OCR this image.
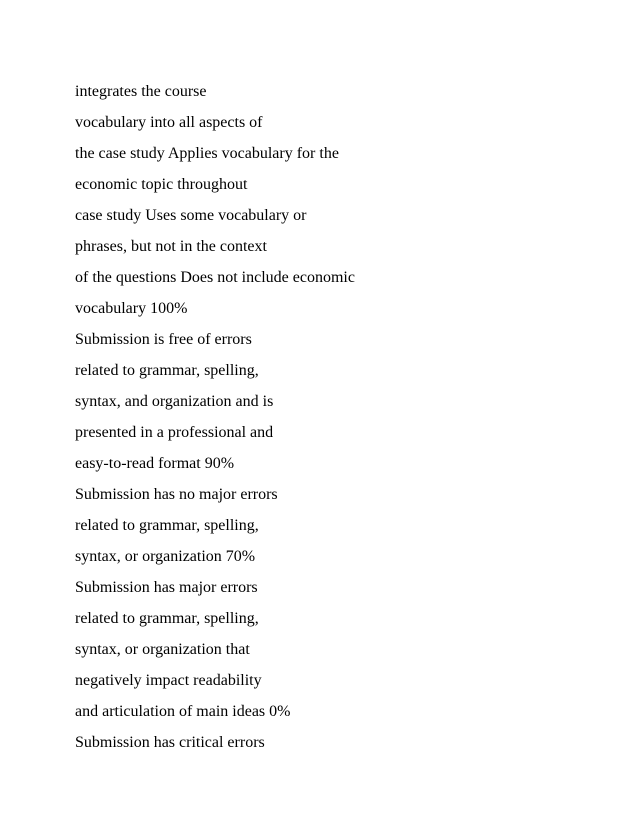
integrates the course
vocabulary into all aspects of
the case study Applies vocabulary for the
economic topic throughout
case study Uses some vocabulary or
phrases, but not in the context
of the questions Does not include economic
vocabulary 100%
Submission is free of errors
related to grammar, spelling,
syntax, and organization and is
presented in a professional and
easy-to-read format 90%
Submission has no major errors
related to grammar, spelling,
syntax, or organization 70%
Submission has major errors
related to grammar, spelling,
syntax, or organization that
negatively impact readability
and articulation of main ideas 0%
Submission has critical errors
